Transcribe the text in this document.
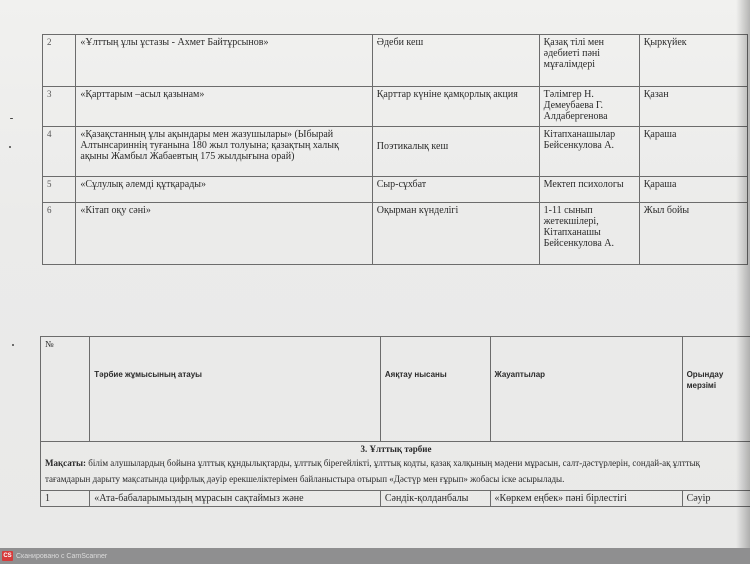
2	«Ұлттың ұлы ұстазы - Ахмет Байтұрсынов»	Әдеби кеш	Қазақ тілі мен әдебиеті пәні мұғалімдері	Қыркүйек
3	«Қарттарым –асыл қазынам»	Қарттар күніне қамқорлық акция	Тәлімгер Н. Демеубаева Г. Алдабергенова	Қазан
4	«Қазақстанның ұлы ақындары мен жазушылары» (Ыбырай Алтынсариннің туғанына 180 жыл толуына; қазақтың халық ақыны Жамбыл Жабаевтың 175 жылдығына орай)	Поэтикалық кеш	Кітапханашылар Бейсенкулова А.	Қараша
5	«Сұлулық әлемді құтқарады»	Сыр-сұхбат	Мектеп психологы	Қараша
6	«Кітап оқу сәні»	Оқырман күнделігі	1-11 сынып жетекшілері, Кітапханашы Бейсенкулова А.	Жыл бойы
№	Тәрбие жұмысының атауы	Аяқтау нысаны	Жауаптылар	Орындау мерзімі
3. Ұлттық тәрбие				
Мақсаты: білім алушылардың бойына ұлттық құндылықтарды, ұлттық бірегейлікті, ұлттық кодты, қазақ халқының мәдени мұрасын, салт-дәстүрлерін, сондай-ақ ұлттық тағамдарын дарыту мақсатында цифрлық дәуір ерекшеліктерімен байланыстыра отырып «Дәстүр мен ғұрып» жобасы іске асырылады.				
1	«Ата-бабаларымыздың мұрасын сақтаймыз және	Сәндік-қолданбалы	«Көркем еңбек» пәні бірлестігі	Сәуір
CS Сканировано с CamScanner
